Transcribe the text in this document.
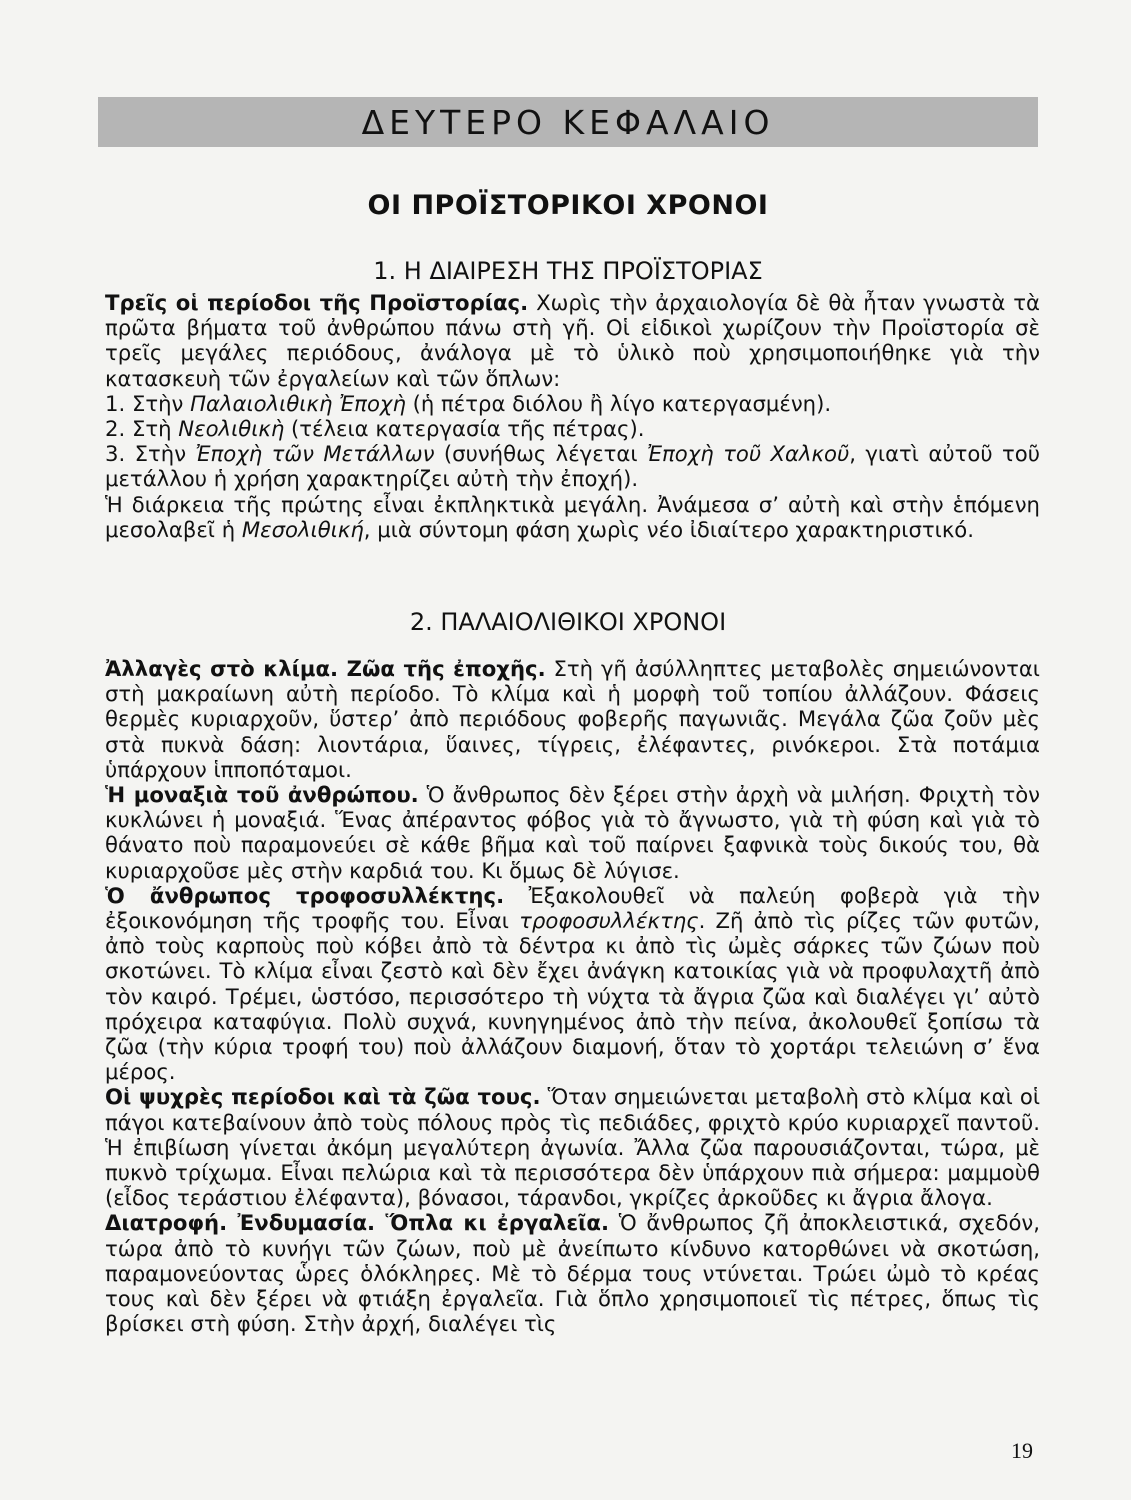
ΔΕΥΤΕΡΟ ΚΕΦΑΛΑΙΟ
ΟΙ ΠΡΟΪΣΤΟΡΙΚΟΙ ΧΡΟΝΟΙ
1. Η ΔΙΑΙΡΕΣΗ ΤΗΣ ΠΡΟΪΣΤΟΡΙΑΣ

Τρεῖς οἱ περίοδοι τῆς Προϊστορίας. Χωρὶς τὴν ἀρχαιολογία δὲ θὰ ἦταν γνωστὰ τὰ πρῶτα βήματα τοῦ ἀνθρώπου πάνω στὴ γῆ. Οἱ εἰδικοὶ χωρίζουν τὴν Προϊστορία σὲ τρεῖς μεγάλες περιόδους, ἀνάλογα μὲ τὸ ὑλικὸ ποὺ χρησιμοποιήθηκε γιὰ τὴν κατασκευὴ τῶν ἐργαλείων καὶ τῶν ὅπλων:

1. Στὴν Παλαιολιθικὴ Ἐποχὴ (ἡ πέτρα διόλου ἢ λίγο κατεργασμένη).

2. Στὴ Νεολιθικὴ (τέλεια κατεργασία τῆς πέτρας).

3. Στὴν Ἐποχὴ τῶν Μετάλλων (συνήθως λέγεται Ἐποχὴ τοῦ Χαλκοῦ, γιατὶ αὐτοῦ τοῦ μετάλλου ἡ χρήση χαρακτηρίζει αὐτὴ τὴν ἐποχή).

Ἡ διάρκεια τῆς πρώτης εἶναι ἐκπληκτικὰ μεγάλη. Ἀνάμεσα σ’ αὐτὴ καὶ στὴν ἑπόμενη μεσολαβεῖ ἡ Μεσολιθική, μιὰ σύντομη φάση χωρὶς νέο ἰδιαίτερο χαρακτηριστικό.

2. ΠΑΛΑΙΟΛΙΘΙΚΟΙ ΧΡΟΝΟΙ

Ἀλλαγὲς στὸ κλίμα. Ζῶα τῆς ἐποχῆς. Στὴ γῆ ἀσύλληπτες μεταβολὲς σημειώνονται στὴ μακραίωνη αὐτὴ περίοδο. Τὸ κλίμα καὶ ἡ μορφὴ τοῦ τοπίου ἀλλάζουν. Φάσεις θερμὲς κυριαρχοῦν, ὕστερ’ ἀπὸ περιόδους φοβερῆς παγωνιᾶς. Μεγάλα ζῶα ζοῦν μὲς στὰ πυκνὰ δάση: λιοντάρια, ὕαινες, τίγρεις, ἐλέφαντες, ρινόκεροι. Στὰ ποτάμια ὑπάρχουν ἱπποπόταμοι.

Ἡ μοναξιὰ τοῦ ἀνθρώπου. Ὁ ἄνθρωπος δὲν ξέρει στὴν ἀρχὴ νὰ μιλήση. Φριχτὴ τὸν κυκλώνει ἡ μοναξιά. Ἕνας ἀπέραντος φόβος γιὰ τὸ ἄγνωστο, γιὰ τὴ φύση καὶ γιὰ τὸ θάνατο ποὺ παραμονεύει σὲ κάθε βῆμα καὶ τοῦ παίρνει ξαφνικὰ τοὺς δικούς του, θὰ κυριαρχοῦσε μὲς στὴν καρδιά του. Κι ὅμως δὲ λύγισε.

Ὁ ἄνθρωπος τροφοσυλλέκτης. Ἐξακολουθεῖ νὰ παλεύη φοβερὰ γιὰ τὴν ἐξοικονόμηση τῆς τροφῆς του. Εἶναι τροφοσυλλέκτης. Ζῆ ἀπὸ τὶς ρίζες τῶν φυτῶν, ἀπὸ τοὺς καρποὺς ποὺ κόβει ἀπὸ τὰ δέντρα κι ἀπὸ τὶς ὠμὲς σάρκες τῶν ζώων ποὺ σκοτώνει. Τὸ κλίμα εἶναι ζεστὸ καὶ δὲν ἔχει ἀνάγκη κατοικίας γιὰ νὰ προφυλαχτῆ ἀπὸ τὸν καιρό. Τρέμει, ὡστόσο, περισσότερο τὴ νύχτα τὰ ἄγρια ζῶα καὶ διαλέγει γι’ αὐτὸ πρόχειρα καταφύγια. Πολὺ συχνά, κυνηγημένος ἀπὸ τὴν πείνα, ἀκολουθεῖ ξοπίσω τὰ ζῶα (τὴν κύρια τροφή του) ποὺ ἀλλάζουν διαμονή, ὅταν τὸ χορτάρι τελειώνη σ’ ἕνα μέρος.

Οἱ ψυχρὲς περίοδοι καὶ τὰ ζῶα τους. Ὅταν σημειώνεται μεταβολὴ στὸ κλίμα καὶ οἱ πάγοι κατεβαίνουν ἀπὸ τοὺς πόλους πρὸς τὶς πεδιάδες, φριχτὸ κρύο κυριαρχεῖ παντοῦ. Ἡ ἐπιβίωση γίνεται ἀκόμη μεγαλύτερη ἀγωνία. Ἄλλα ζῶα παρουσιάζονται, τώρα, μὲ πυκνὸ τρίχωμα. Εἶναι πελώρια καὶ τὰ περισσότερα δὲν ὑπάρχουν πιὰ σήμερα: μαμμοὺθ (εἶδος τεράστιου ἐλέφαντα), βόνασοι, τάρανδοι, γκρίζες ἀρκοῦδες κι ἄγρια ἄλογα.

Διατροφή. Ἐνδυμασία. Ὅπλα κι ἐργαλεῖα. Ὁ ἄνθρωπος ζῆ ἀποκλειστικά, σχεδόν, τώρα ἀπὸ τὸ κυνήγι τῶν ζώων, ποὺ μὲ ἀνείπωτο κίνδυνο κατορθώνει νὰ σκοτώση, παραμονεύοντας ὧρες ὁλόκληρες. Μὲ τὸ δέρμα τους ντύνεται. Τρώει ὠμὸ τὸ κρέας τους καὶ δὲν ξέρει νὰ φτιάξη ἐργαλεῖα. Γιὰ ὅπλο χρησιμοποιεῖ τὶς πέτρες, ὅπως τὶς βρίσκει στὴ φύση. Στὴν ἀρχή, διαλέγει τὶς

19
